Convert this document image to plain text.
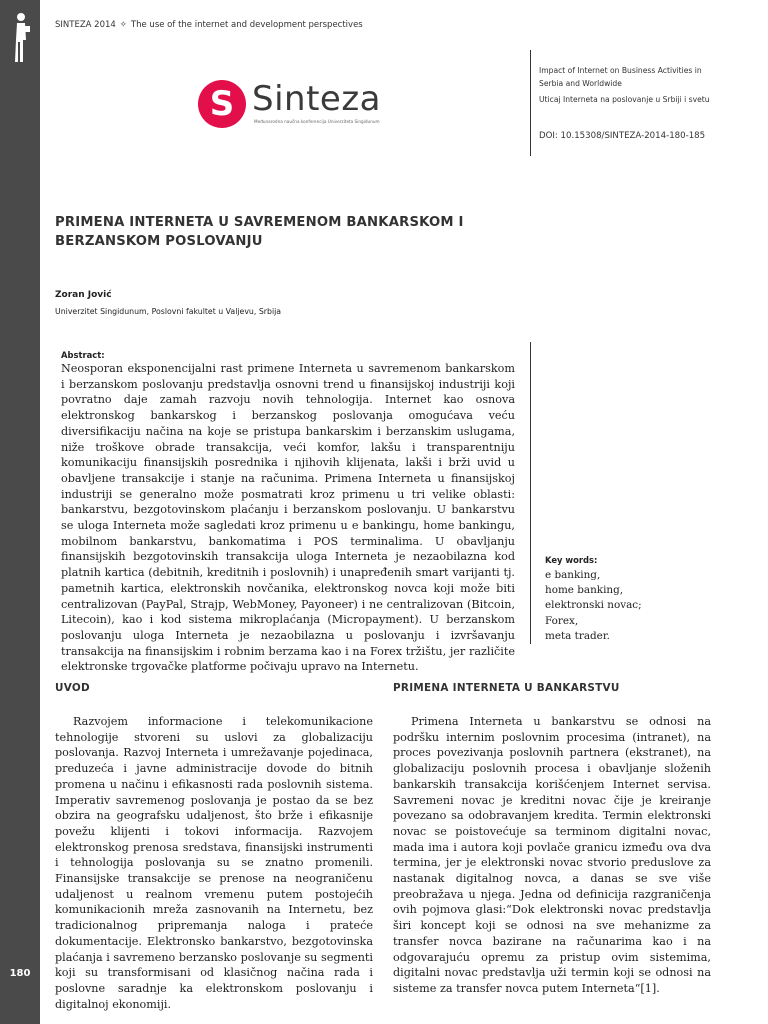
180
SINTEZA 2014 ✧ The use of the internet and development perspectives
S Sinteza
Međunarodna naučna konferencija Univerziteta Singidunum
Impact of Internet on Business Activities in Serbia and Worldwide
Uticaj Interneta na poslovanje u Srbiji i svetu
DOI: 10.15308/SINTEZA-2014-180-185
PRIMENA INTERNETA U SAVREMENOM BANKARSKOM I BERZANSKOM POSLOVANJU
Zoran Jović
Univerzitet Singidunum, Poslovni fakultet u Valjevu, Srbija
Abstract:
Neosporan eksponencijalni rast primene Interneta u savremenom bankarskom i berzanskom poslovanju predstavlja osnovni trend u finansijskoj industriji koji povratno daje zamah razvoju novih tehnologija. Internet kao osnova elektronskog bankarskog i berzanskog poslovanja omogućava veću diversifikaciju načina na koje se pristupa bankarskim i berzanskim uslugama, niže troškove obrade transakcija, veći komfor, lakšu i transparentniju komunikaciju finansijskih posrednika i njihovih klijenata, lakši i brži uvid u obavljene transakcije i stanje na računima. Primena Interneta u finansijskoj industriji se generalno može posmatrati kroz primenu u tri velike oblasti: bankarstvu, bezgotovinskom plaćanju i berzanskom poslovanju. U bankarstvu se uloga Interneta može sagledati kroz primenu u e bankingu, home bankingu, mobilnom bankarstvu, bankomatima i POS terminalima. U obavljanju finansijskih bezgotovinskih transakcija uloga Interneta je nezaobilazna kod platnih kartica (debitnih, kreditnih i poslovnih) i unapređenih smart varijanti tj. pametnih kartica, elektronskih novčanika, elektronskog novca koji može biti centralizovan (PayPal, Strajp, WebMoney, Payoneer) i ne centralizovan (Bitcoin, Litecoin), kao i kod sistema mikroplaćanja (Micropayment). U berzanskom poslovanju uloga Interneta je nezaobilazna u poslovanju i izvršavanju transakcija na finansijskim i robnim berzama kao i na Forex tržištu, jer različite elektronske trgovačke platforme počivaju upravo na Internetu.
Key words:
e banking,
home banking,
elektronski novac;
Forex,
meta trader.
UVOD

Razvojem informacione i telekomunikacione tehnologije stvoreni su uslovi za globalizaciju poslovanja. Razvoj Interneta i umrežavanje pojedinaca, preduzeća i javne administracije dovode do bitnih promena u načinu i efikasnosti rada poslovnih sistema. Imperativ savremenog poslovanja je postao da se bez obzira na geografsku udaljenost, što brže i efikasnije povežu klijenti i tokovi informacija. Razvojem elektronskog prenosa sredstava, finansijski instrumenti i tehnologija poslovanja su se znatno promenili. Finansijske transakcije se prenose na neograničenu udaljenost u realnom vremenu putem postojećih komunikacionih mreža zasnovanih na Internetu, bez tradicionalnog pripremanja naloga i prateće dokumentacije. Elektronsko bankarstvo, bezgotovinska plaćanja i savremeno berzansko poslovanje su segmenti koji su transformisani od klasičnog načina rada i poslovne saradnje ka elektronskom poslovanju i digitalnoj ekonomiji.

PRIMENA INTERNETA U BANKARSTVU

Primena Interneta u bankarstvu se odnosi na podršku internim poslovnim procesima (intranet), na proces povezivanja poslovnih partnera (ekstranet), na globalizaciju poslovnih procesa i obavljanje složenih bankarskih transakcija korišćenjem Internet servisa. Savremeni novac je kreditni novac čije je kreiranje povezano sa odobravanjem kredita. Termin elektronski novac se poistovećuje sa terminom digitalni novac, mada ima i autora koji povlače granicu između ova dva termina, jer je elektronski novac stvorio preduslove za nastanak digitalnog novca, a danas se sve više preobražava u njega. Jedna od definicija razgraničenja ovih pojmova glasi:“Dok elektronski novac predstavlja širi koncept koji se odnosi na sve mehanizme za transfer novca bazirane na računarima kao i na odgovarajuću opremu za pristup ovim sistemima, digitalni novac predstavlja uži termin koji se odnosi na sisteme za transfer novca putem Interneta“[1].
